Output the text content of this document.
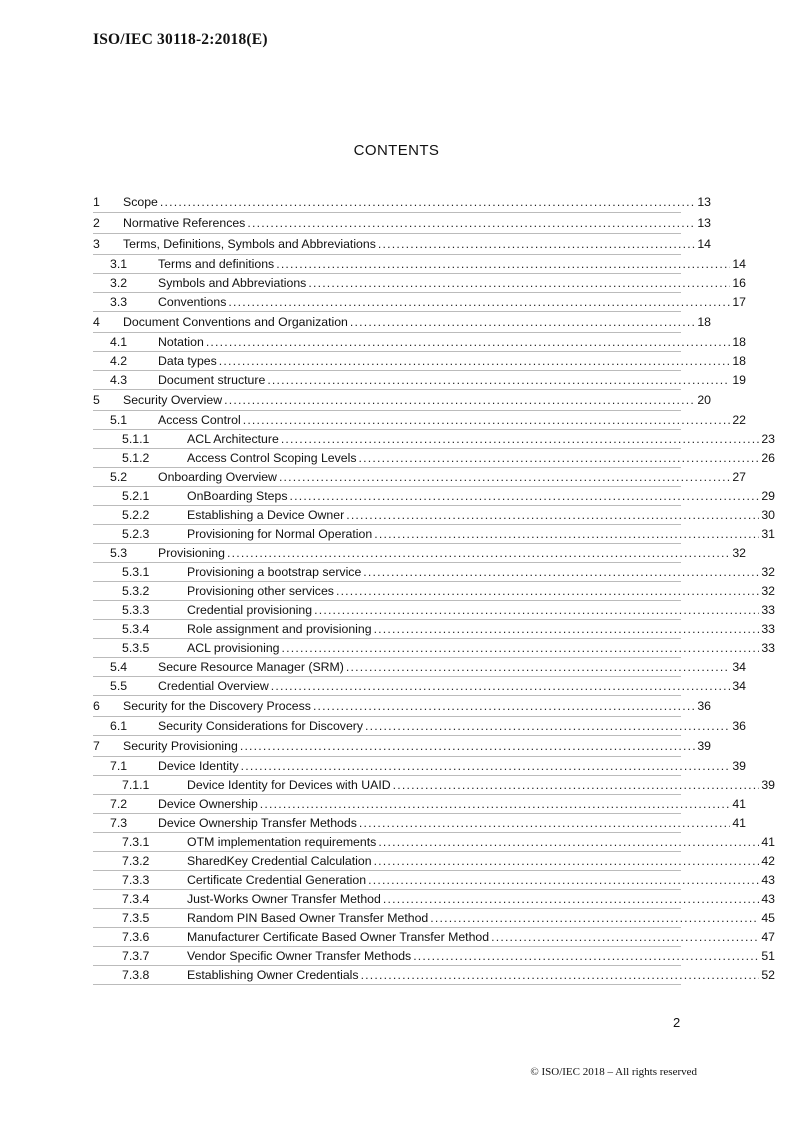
ISO/IEC 30118-2:2018(E)
CONTENTS
1 Scope .....	13
2 Normative References .....	13
3 Terms, Definitions, Symbols and Abbreviations .....	14
3.1	Terms and definitions .....	14
3.2	Symbols and Abbreviations .....	16
3.3	Conventions .....	17
4 Document Conventions and Organization .....	18
4.1	Notation .....	18
4.2	Data types .....	18
4.3	Document structure .....	19
5 Security Overview .....	20
5.1	Access Control .....	22
5.1.1	ACL Architecture .....	23
5.1.2	Access Control Scoping Levels .....	26
5.2	Onboarding Overview .....	27
5.2.1	OnBoarding Steps .....	29
5.2.2	Establishing a Device Owner .....	30
5.2.3	Provisioning for Normal Operation .....	31
5.3	Provisioning .....	32
5.3.1	Provisioning a bootstrap service .....	32
5.3.2	Provisioning other services .....	32
5.3.3	Credential provisioning .....	33
5.3.4	Role assignment and provisioning .....	33
5.3.5	ACL provisioning .....	33
5.4	Secure Resource Manager (SRM) .....	34
5.5	Credential Overview .....	34
6 Security for the Discovery Process .....	36
6.1	Security Considerations for Discovery .....	36
7 Security Provisioning .....	39
7.1	Device Identity .....	39
7.1.1	Device Identity for Devices with UAID .....	39
7.2	Device Ownership .....	41
7.3	Device Ownership Transfer Methods .....	41
7.3.1	OTM implementation requirements .....	41
7.3.2	SharedKey Credential Calculation .....	42
7.3.3	Certificate Credential Generation .....	43
7.3.4	Just-Works Owner Transfer Method .....	43
7.3.5	Random PIN Based Owner Transfer Method .....	45
7.3.6	Manufacturer Certificate Based Owner Transfer Method .....	47
7.3.7	Vendor Specific Owner Transfer Methods .....	51
7.3.8	Establishing Owner Credentials .....	52
2
© ISO/IEC 2018 – All rights reserved
